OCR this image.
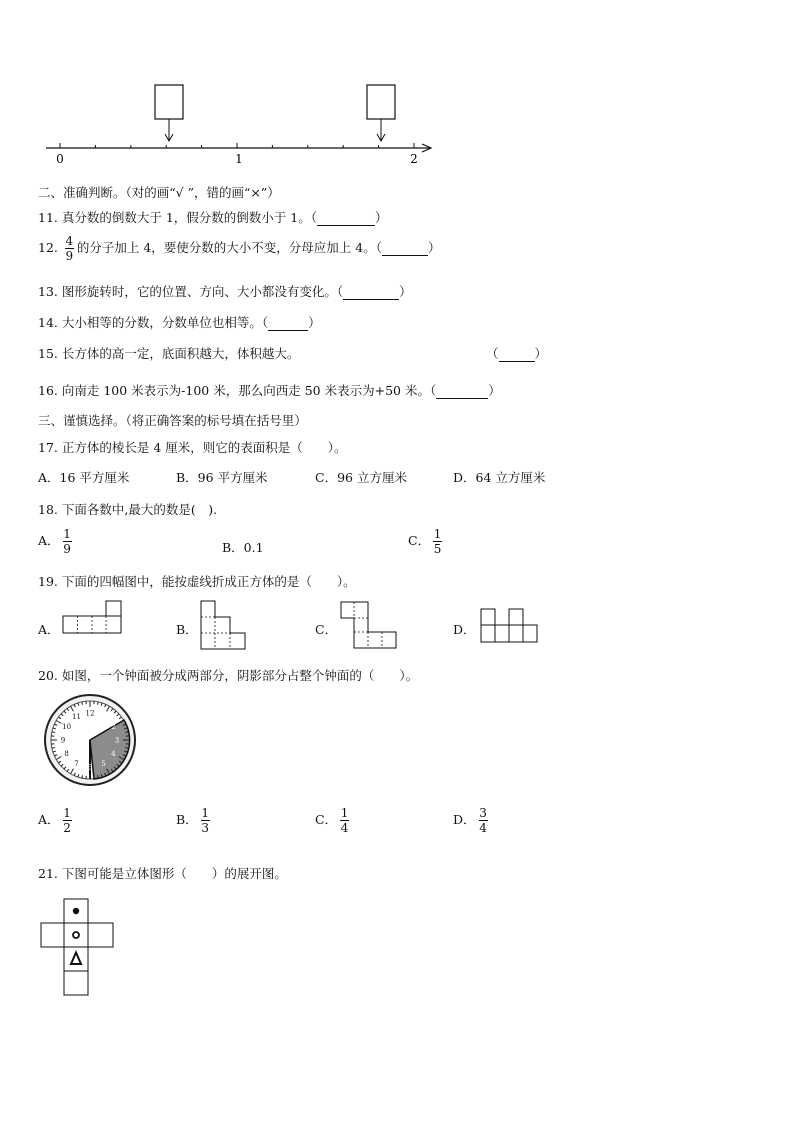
0	1	2
二、准确判断。（对的画“√ ”，错的画“×”）
11. 真分数的倒数大于 1，假分数的倒数小于 1。（	）
12. $\frac{4}{9}$ 的分子加上 4，要使分数的大小不变，分母应加上 4。（	）
13. 图形旋转时，它的位置、方向、大小都没有变化。（	）
14. 大小相等的分数，分数单位也相等。（	）
15. 长方体的高一定，底面积越大，体积越大。	（	）
16. 向南走 100 米表示为-100 米，那么向西走 50 米表示为+50 米。（	）
三、谨慎选择。（将正确答案的标号填在括号里）
17. 正方体的棱长是 4 厘米，则它的表面积是（　　）。
A．16 平方厘米	B．96 平方厘米	C．96 立方厘米	D．64 立方厘米
18. 下面各数中,最大的数是(　).
A． $\frac{1}{9}$	B．0.1	C． $\frac{1}{5}$
19. 下面的四幅图中，能按虚线折成正方体的是（　　）。
A．	B．	C．	D．
20. 如图，一个钟面被分成两部分，阴影部分占整个钟面的（　　）。
11
10
9
8
7 6 5
4
3
2
1
12
A． $\frac{1}{2}$	B． $\frac{1}{3}$	C． $\frac{1}{4}$	D． $\frac{3}{4}$
21. 下图可能是立体图形（　　）的展开图。
